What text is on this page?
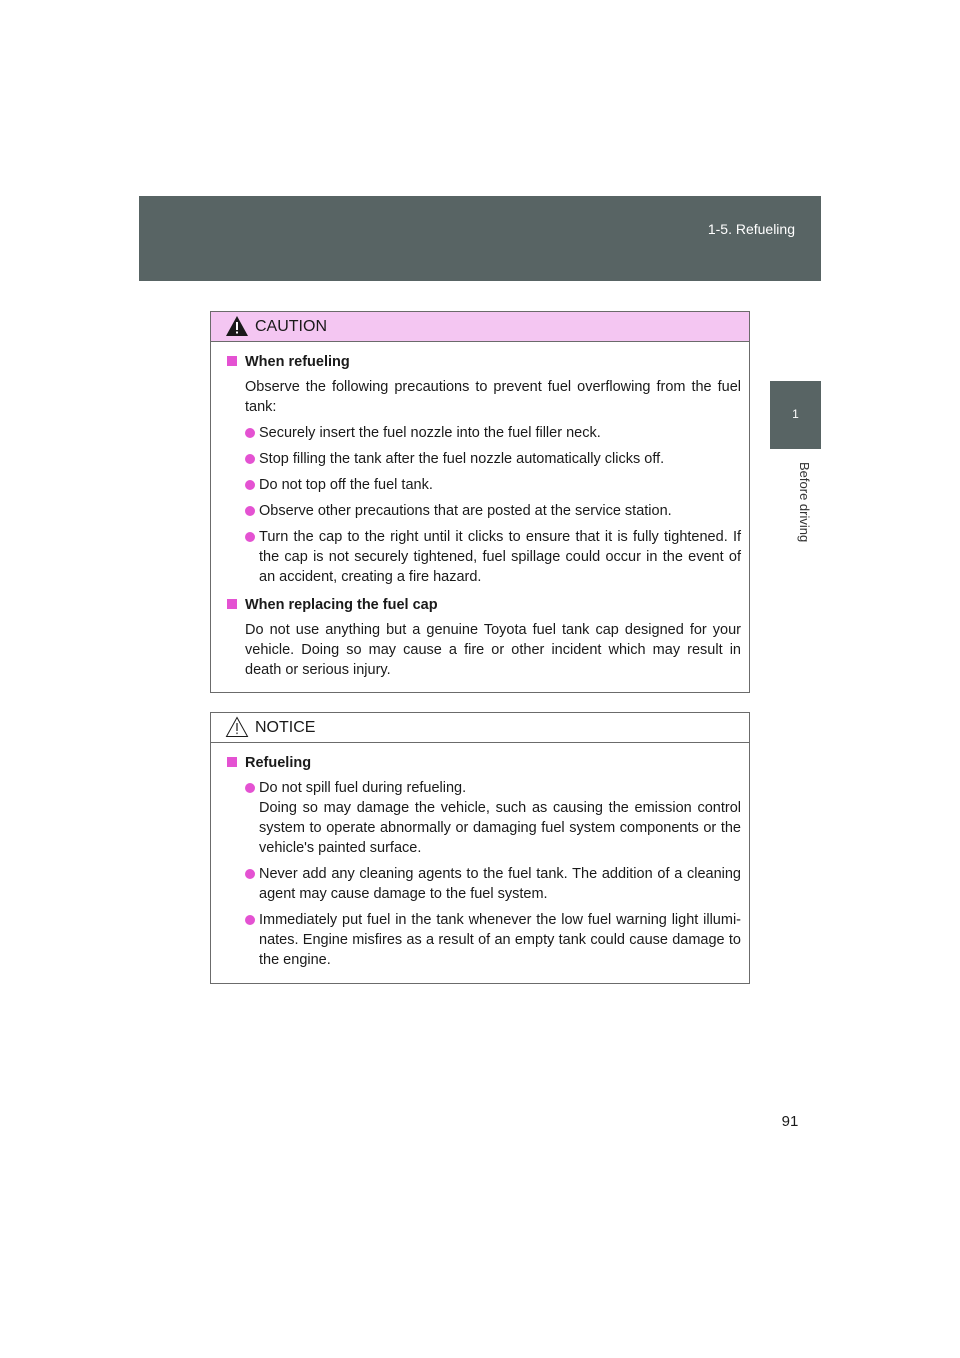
1-5. Refueling
1
Before driving
CAUTION
When refueling

Observe the following precautions to prevent fuel overflowing from the fuel tank:

Securely insert the fuel nozzle into the fuel filler neck.
Stop filling the tank after the fuel nozzle automatically clicks off.
Do not top off the fuel tank.
Observe other precautions that are posted at the service station.
Turn the cap to the right until it clicks to ensure that it is fully tightened. If the cap is not securely tightened, fuel spillage could occur in the event of an accident, creating a fire hazard.
When replacing the fuel cap

Do not use anything but a genuine Toyota fuel tank cap designed for your vehicle. Doing so may cause a fire or other incident which may result in death or serious injury.

NOTICE
Refueling
Do not spill fuel during refueling.
Doing so may damage the vehicle, such as causing the emission control system to operate abnormally or damaging fuel system components or the vehicle's painted surface.
Never add any cleaning agents to the fuel tank. The addition of a cleaning agent may cause damage to the fuel system.
Immediately put fuel in the tank whenever the low fuel warning light illumi-nates. Engine misfires as a result of an empty tank could cause damage to the engine.
91
